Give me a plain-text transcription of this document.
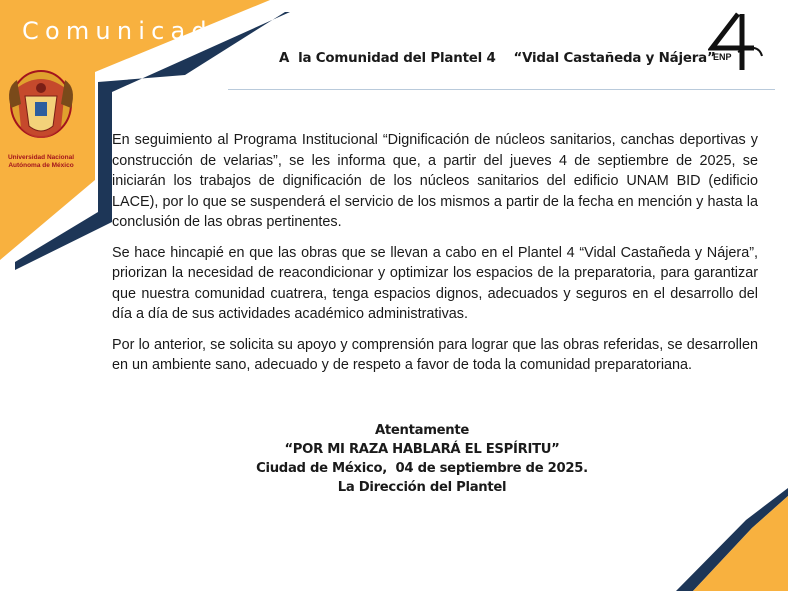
Comunicado
Universidad Nacional
Autónoma de México
A  la Comunidad del Plantel 4    “Vidal Castañeda y Nájera”
ENP

En seguimiento al Programa Institucional “Dignificación de núcleos sanitarios, canchas deportivas y construcción de velarias”, se les informa que, a partir del jueves 4 de septiembre de 2025, se iniciarán los trabajos de dignificación de los núcleos sanitarios del edificio UNAM BID (edificio LACE), por lo que se suspenderá el servicio de los mismos a partir de la fecha en mención y hasta la conclusión de las obras pertinentes.

Se hace hincapié en que las obras que se llevan a cabo en el Plantel 4 “Vidal Castañeda y Nájera”, priorizan la necesidad de reacondicionar y optimizar los espacios de la preparatoria, para garantizar que nuestra comunidad cuatrera, tenga espacios dignos, adecuados y seguros en el desarrollo del día a día de sus actividades académico administrativas.

Por lo anterior, se solicita su apoyo y comprensión para lograr que las obras referidas, se desarrollen en un ambiente sano, adecuado y de respeto a favor de toda la comunidad preparatoriana.

Atentamente
“POR MI RAZA HABLARÁ EL ESPÍRITU”
Ciudad de México,  04 de septiembre de 2025.
La Dirección del Plantel
